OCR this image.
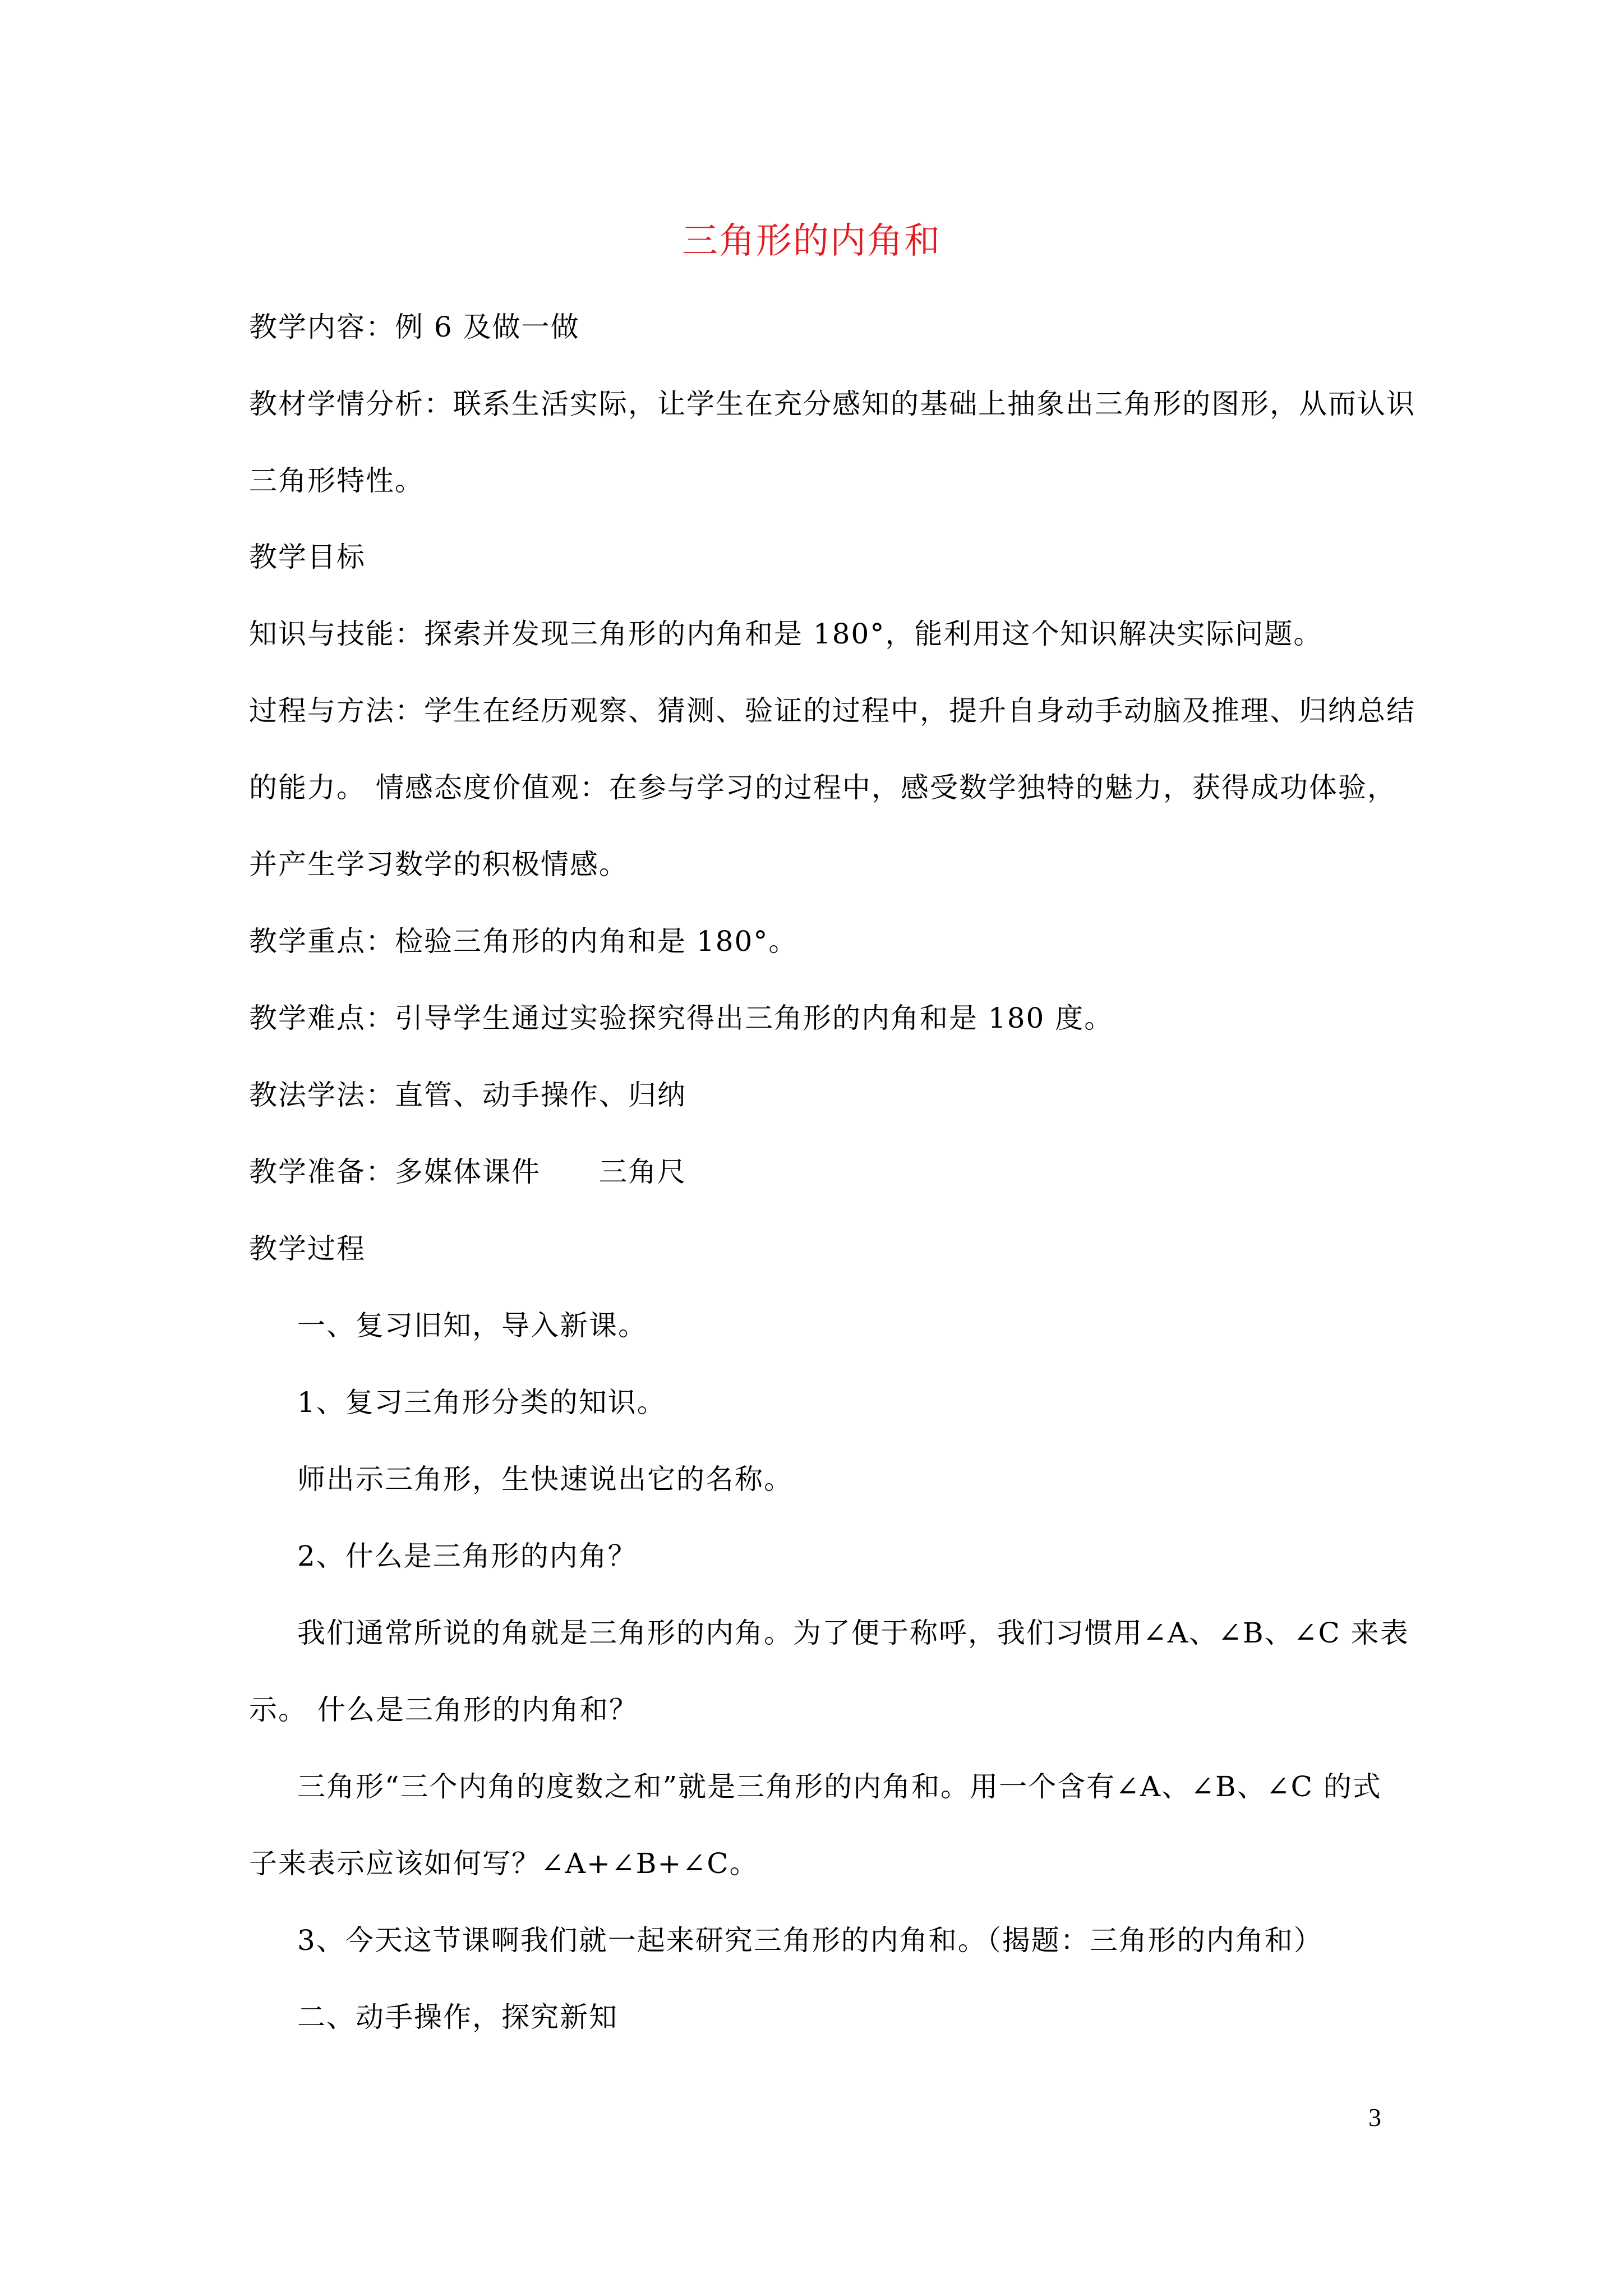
三角形的内角和
教学内容：例 6 及做一做
教材学情分析：联系生活实际，让学生在充分感知的基础上抽象出三角形的图形，从而认识
三角形特性。
教学目标
知识与技能：探索并发现三角形的内角和是 180°，能利用这个知识解决实际问题。
过程与方法：学生在经历观察、猜测、验证的过程中，提升自身动手动脑及推理、归纳总结
的能力。 情感态度价值观：在参与学习的过程中，感受数学独特的魅力，获得成功体验，
并产生学习数学的积极情感。
教学重点：检验三角形的内角和是 180°。
教学难点：引导学生通过实验探究得出三角形的内角和是 180 度。
教法学法：直管、动手操作、归纳
教学准备：多媒体课件　　三角尺
教学过程
一、复习旧知，导入新课。
1、复习三角形分类的知识。
师出示三角形，生快速说出它的名称。
2、什么是三角形的内角？
我们通常所说的角就是三角形的内角。为了便于称呼，我们习惯用∠A、∠B、∠C 来表
示。 什么是三角形的内角和？
三角形“三个内角的度数之和”就是三角形的内角和。用一个含有∠A、∠B、∠C 的式
子来表示应该如何写？∠A+∠B+∠C。
3、今天这节课啊我们就一起来研究三角形的内角和。（揭题：三角形的内角和）
二、动手操作，探究新知
3
